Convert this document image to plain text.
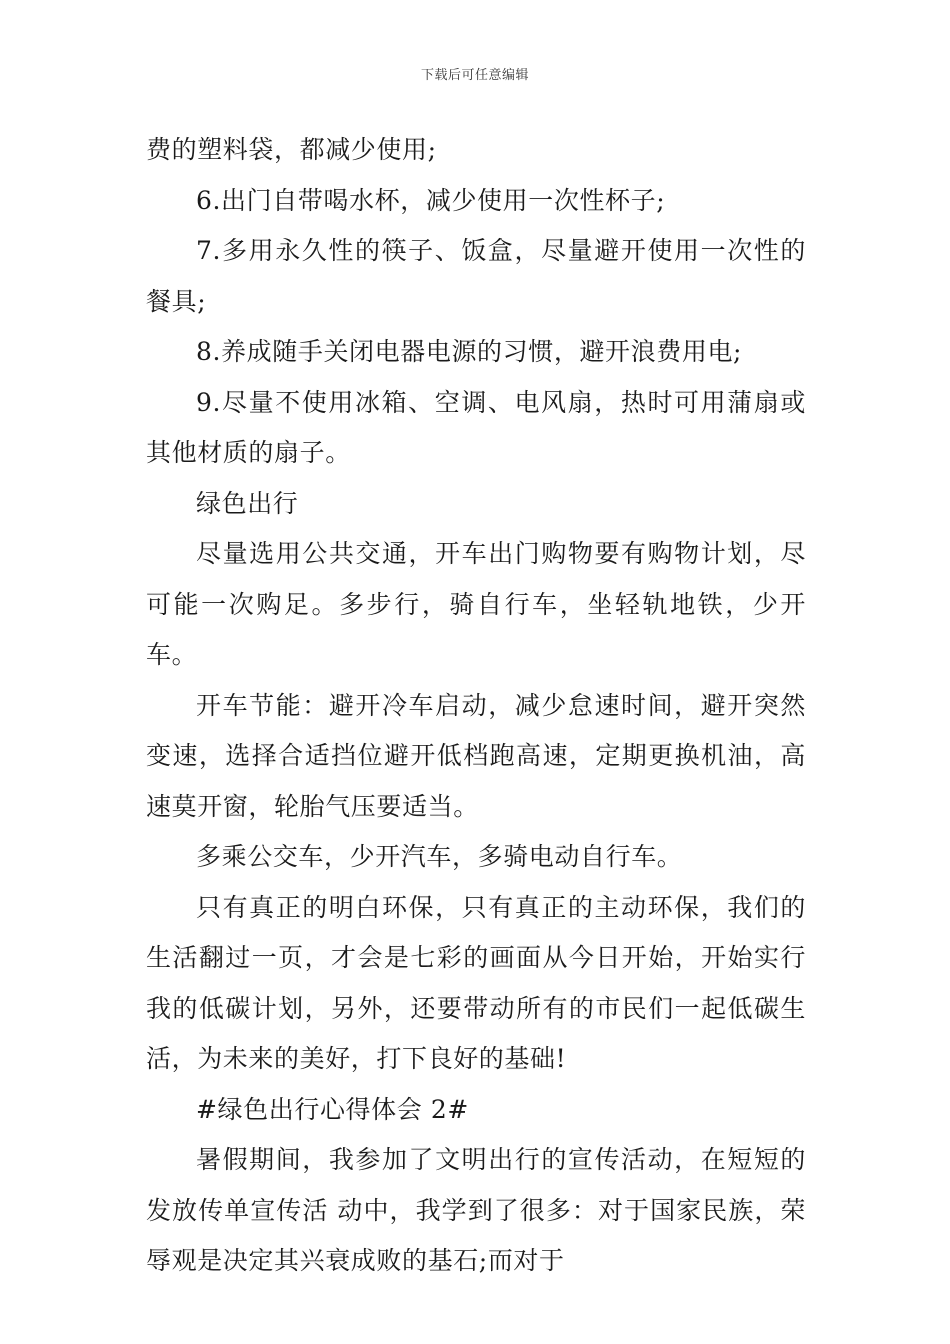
下载后可任意编辑

费的塑料袋，都减少使用;

6.出门自带喝水杯，减少使用一次性杯子;

7.多用永久性的筷子、饭盒，尽量避开使用一次性的餐具;

8.养成随手关闭电器电源的习惯，避开浪费用电;

9.尽量不使用冰箱、空调、电风扇，热时可用蒲扇或其他材质的扇子。

绿色出行

尽量选用公共交通，开车出门购物要有购物计划，尽可能一次购足。多步行，骑自行车，坐轻轨地铁，少开车。

开车节能：避开冷车启动，减少怠速时间，避开突然变速，选择合适挡位避开低档跑高速，定期更换机油，高速莫开窗，轮胎气压要适当。

多乘公交车，少开汽车，多骑电动自行车。

只有真正的明白环保，只有真正的主动环保，我们的生活翻过一页，才会是七彩的画面从今日开始，开始实行我的低碳计划，另外，还要带动所有的市民们一起低碳生活，为未来的美好，打下良好的基础!

#绿色出行心得体会 2#

暑假期间，我参加了文明出行的宣传活动，在短短的发放传单宣传活 动中，我学到了很多：对于国家民族，荣辱观是决定其兴衰成败的基石;而对于
